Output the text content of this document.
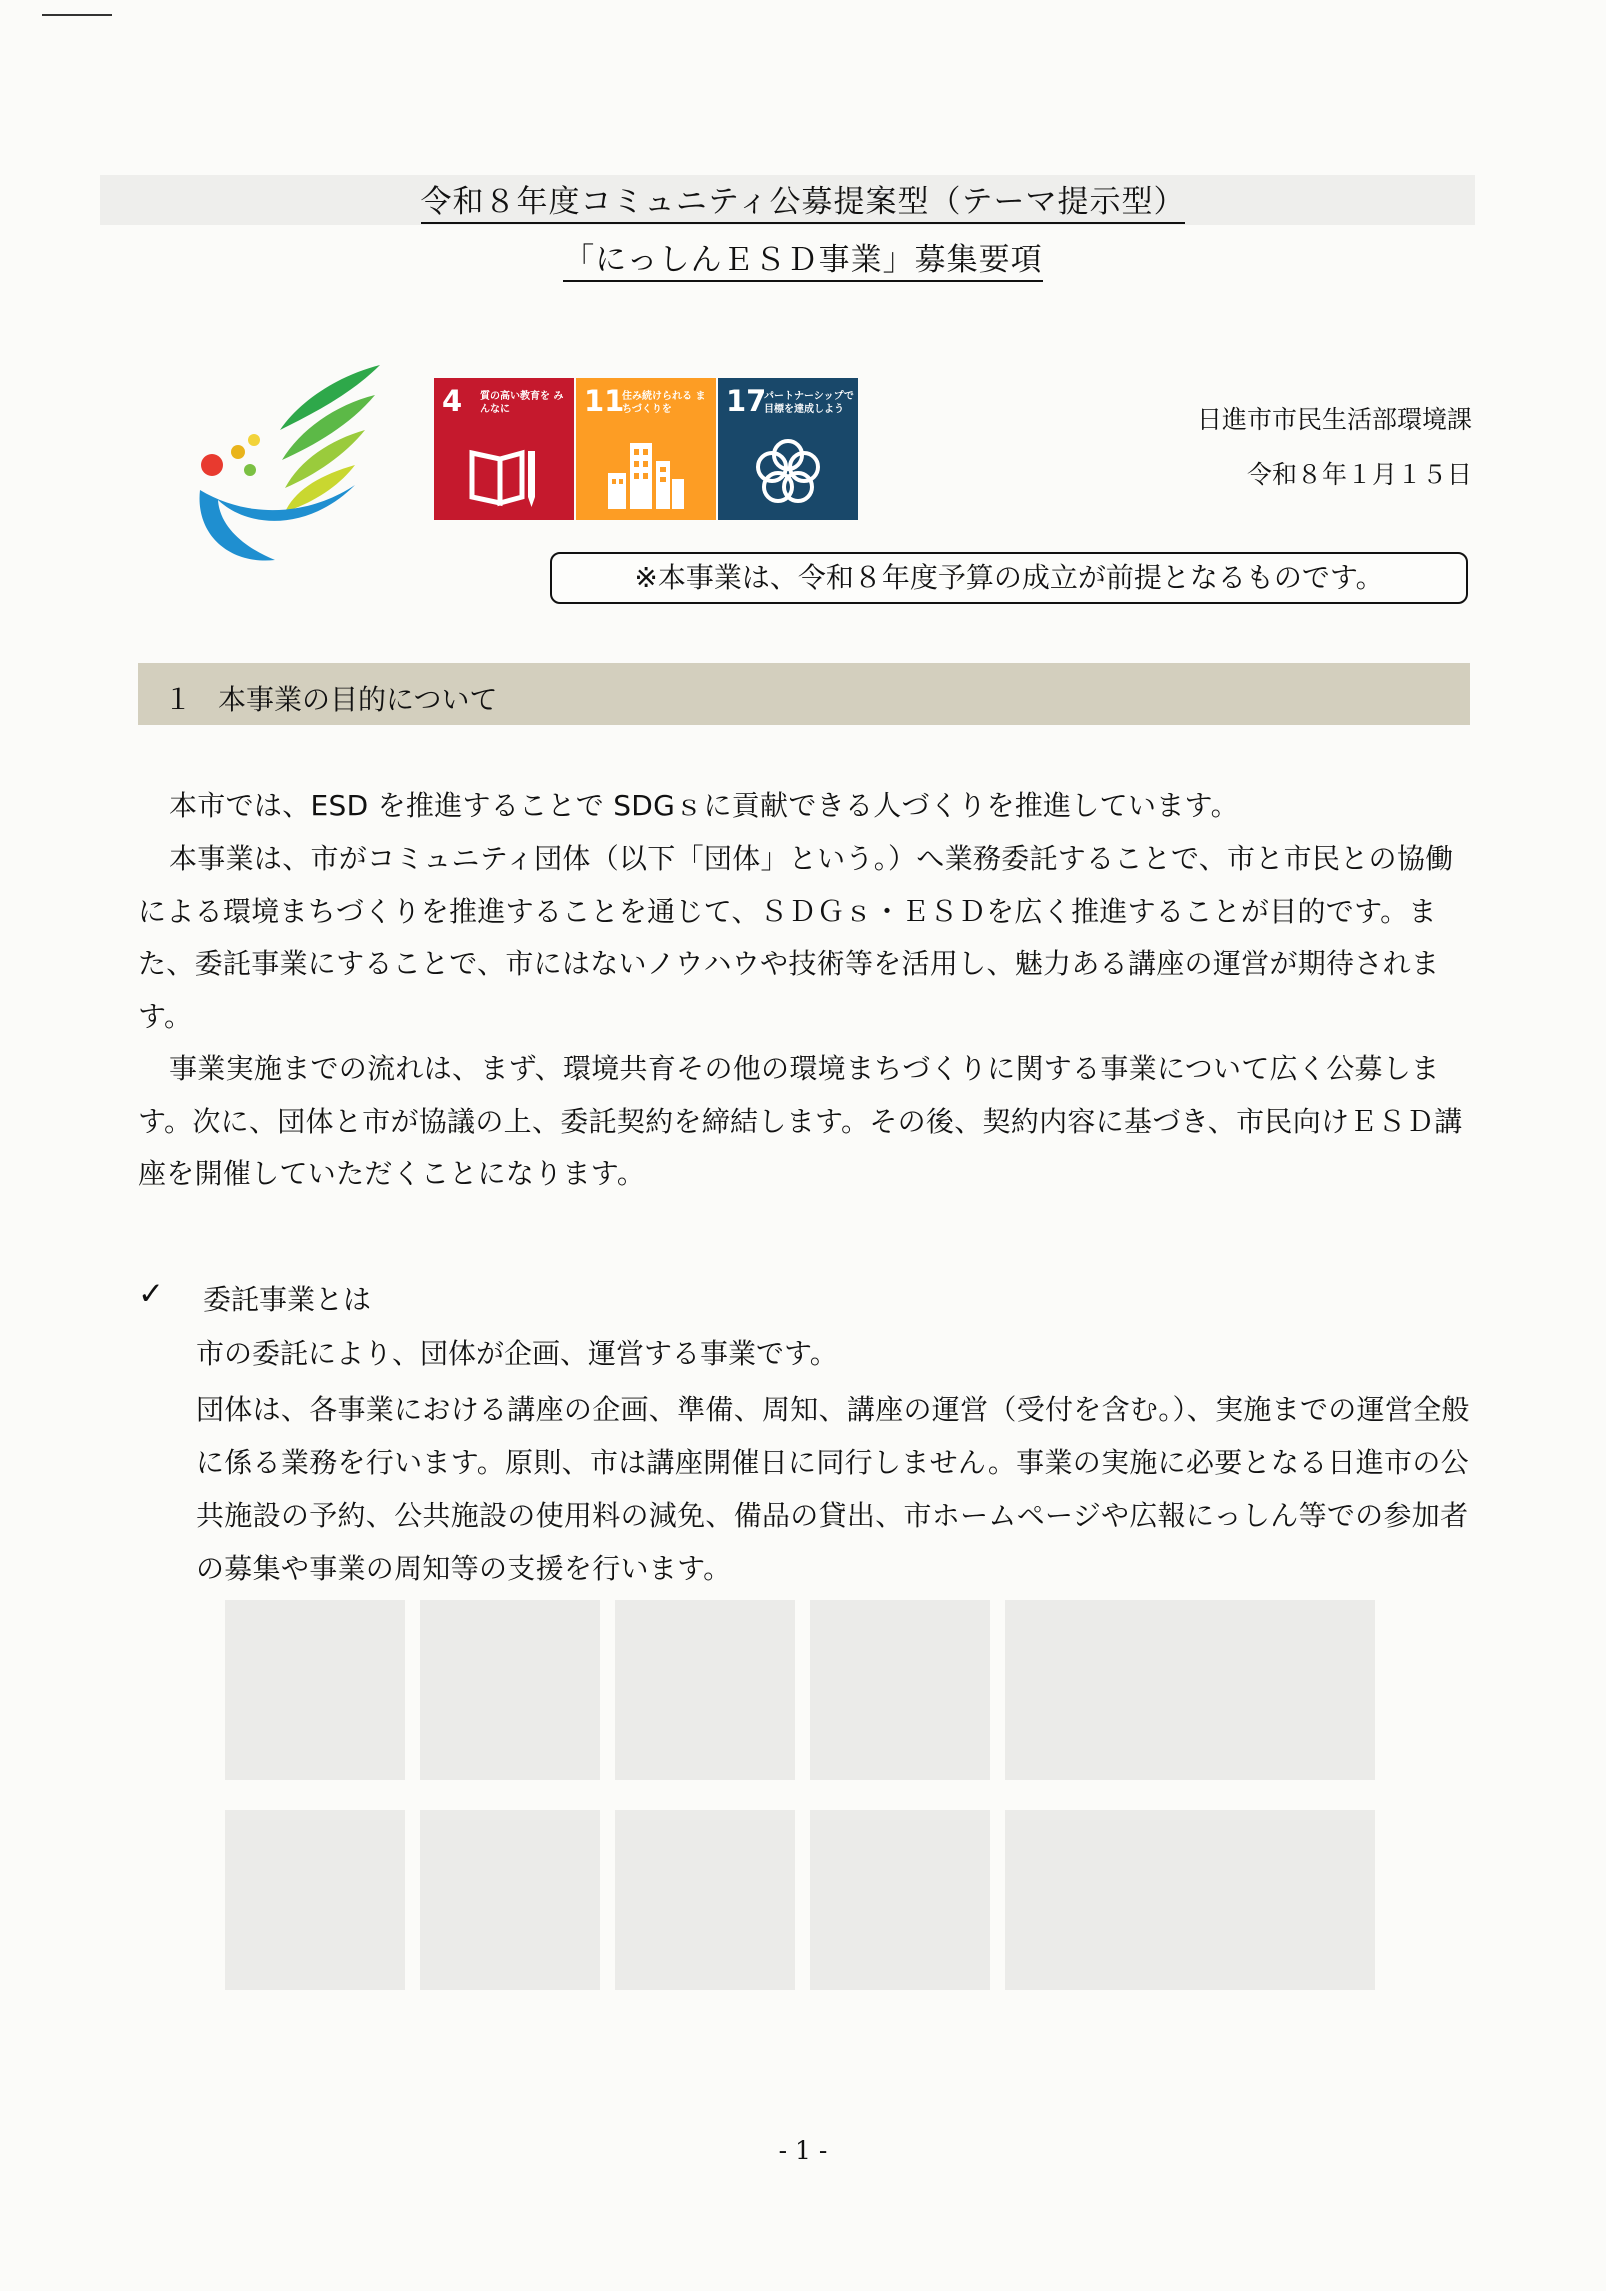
令和８年度コミュニティ公募提案型（テーマ提示型）
「にっしんＥＳＤ事業」募集要項
4 質の高い教育を みんなに	11
住み続けられる まちづくりを	17
パートナーシップで 目標を達成しよう	日進市市民生活部環境課
令和８年１月１５日
※本事業は、令和８年度予算の成立が前提となるものです。
１ 本事業の目的について

本市では、ESD を推進することで SDGｓに貢献できる人づくりを推進しています。

本事業は、市がコミュニティ団体（以下「団体」という。）へ業務委託することで、市と市民との協働による環境まちづくりを推進することを通じて、ＳＤＧｓ・ＥＳＤを広く推進することが目的です。また、委託事業にすることで、市にはないノウハウや技術等を活用し、魅力ある講座の運営が期待されます。

事業実施までの流れは、まず、環境共育その他の環境まちづくりに関する事業について広く公募します。次に、団体と市が協議の上、委託契約を締結します。その後、契約内容に基づき、市民向けＥＳＤ講座を開催していただくことになります。

✓ 委託事業とは
市の委託により、団体が企画、運営する事業です。

団体は、各事業における講座の企画、準備、周知、講座の運営（受付を含む。）、実施までの運営全般に係る業務を行います。原則、市は講座開催日に同行しません。事業の実施に必要となる日進市の公共施設の予約、公共施設の使用料の減免、備品の貸出、市ホームページや広報にっしん等での参加者の募集や事業の周知等の支援を行います。

- 1 -
